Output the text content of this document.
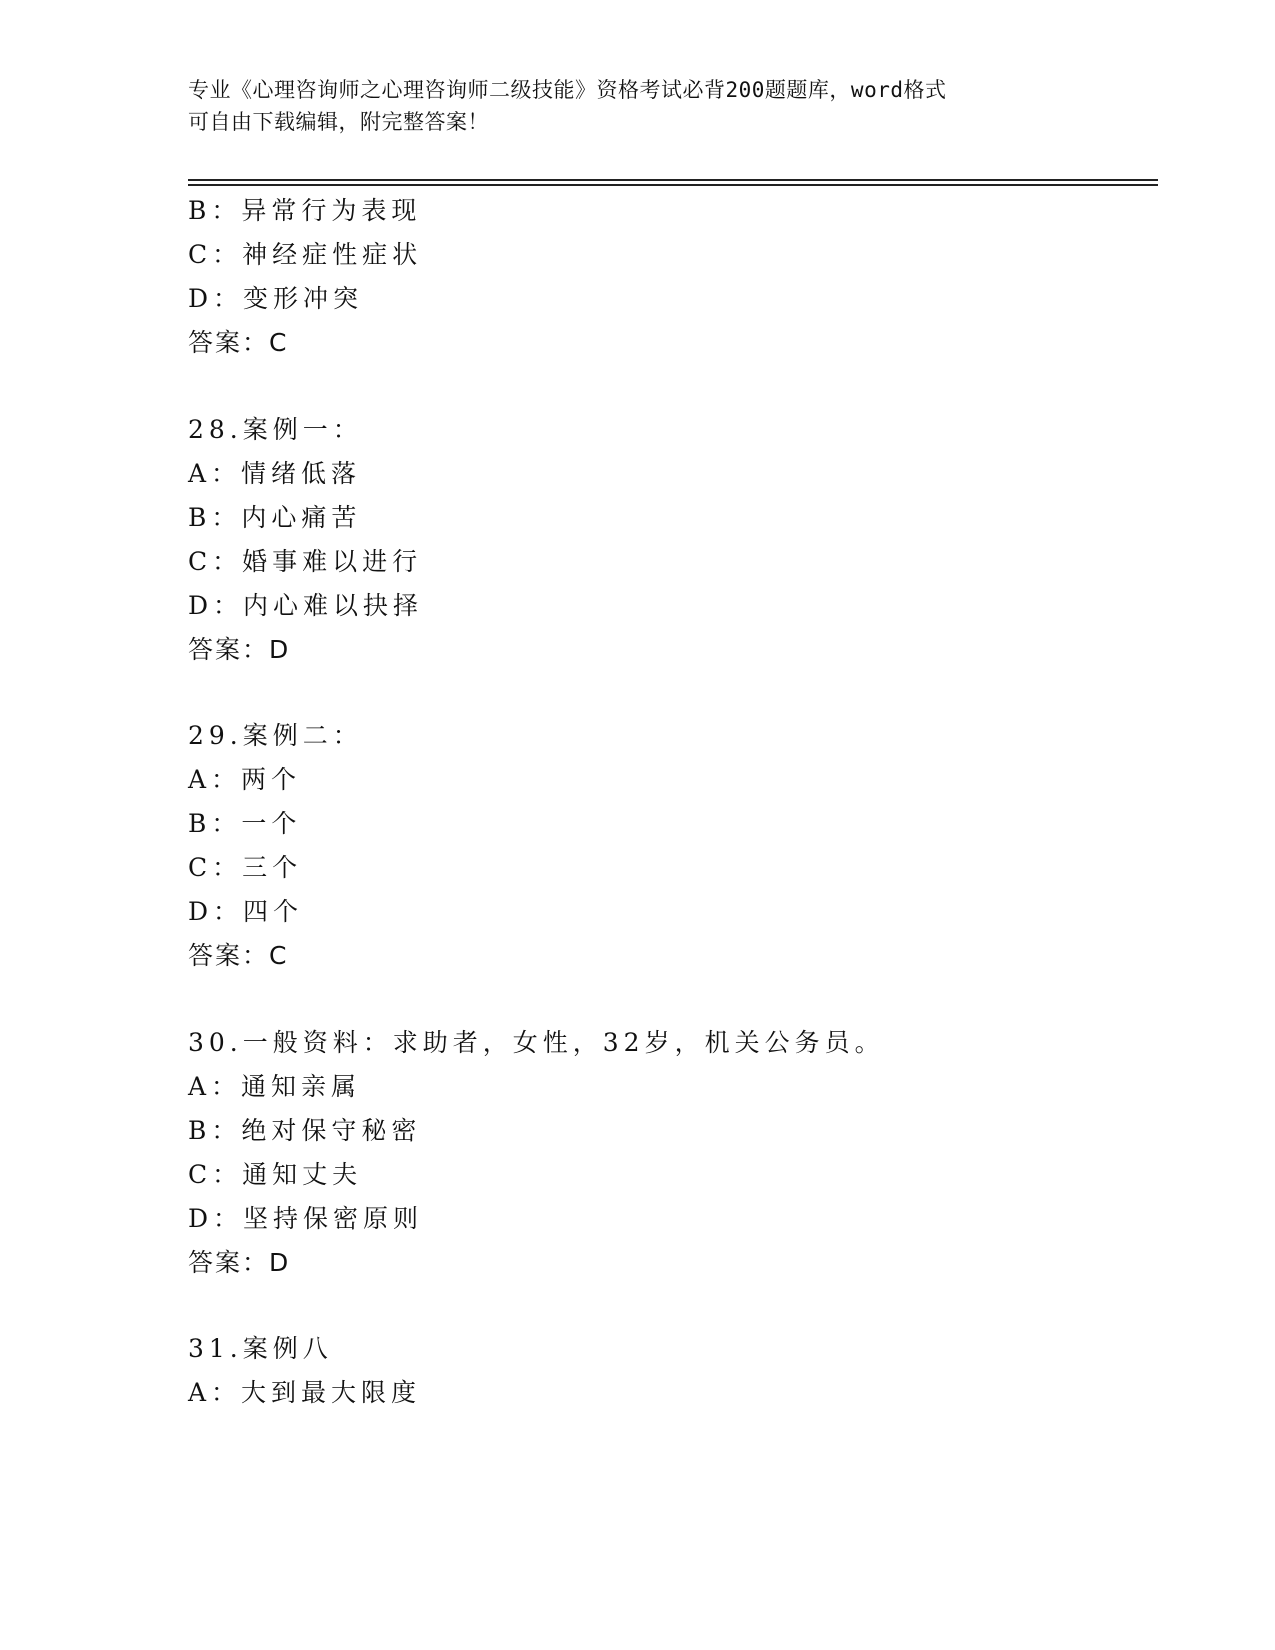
专业《心理咨询师之心理咨询师二级技能》资格考试必背200题题库，word格式
可自由下载编辑，附完整答案！
B：异常行为表现
C：神经症性症状
D：变形冲突
答案：C
28.案例一：
A：情绪低落
B：内心痛苦
C：婚事难以进行
D：内心难以抉择
答案：D
29.案例二：
A：两个
B：一个
C：三个
D：四个
答案：C
30.一般资料：求助者，女性，32岁，机关公务员。
A：通知亲属
B：绝对保守秘密
C：通知丈夫
D：坚持保密原则
答案：D
31.案例八
A：大到最大限度
